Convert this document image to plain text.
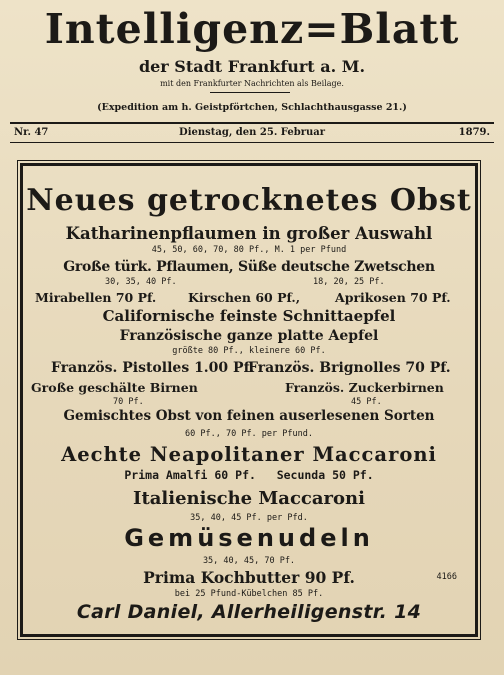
Intelligenz=Blatt
der Stadt Frankfurt a. M.
mit den Frankfurter Nachrichten als Beilage.
(Expedition am h. Geistpförtchen, Schlachthausgasse 21.)
Nr. 47	Dienstag, den 25. Februar	1879.
Neues getrocknetes Obst
Katharinenpflaumen in großer Auswahl
45, 50, 60, 70, 80 Pf., M. 1 per Pfund
Große türk. Pflaumen, Süße deutsche Zwetschen
30, 35, 40 Pf.	18, 20, 25 Pf.
Mirabellen 70 Pf.	Kirschen 60 Pf.,	Aprikosen 70 Pf.
Californische feinste Schnittaepfel
Französische ganze platte Aepfel
größte 80 Pf., kleinere 60 Pf.
Französ. Pistolles 1.00 Pf.
Französ. Brignolles 70 Pf.
Große geschälte Birnen	Französ. Zuckerbirnen
70 Pf.	45 Pf.
Gemischtes Obst von feinen auserlesenen Sorten
60 Pf., 70 Pf. per Pfund.
Aechte Neapolitaner Maccaroni
Prima Amalfi 60 Pf.   Secunda 50 Pf.
Italienische Maccaroni
35, 40, 45 Pf. per Pfd.
Gemüsenudeln
35, 40, 45, 70 Pf.
Prima Kochbutter 90 Pf.	4166
bei 25 Pfund-Kübelchen 85 Pf.
Carl Daniel, Allerheiligenstr. 14
